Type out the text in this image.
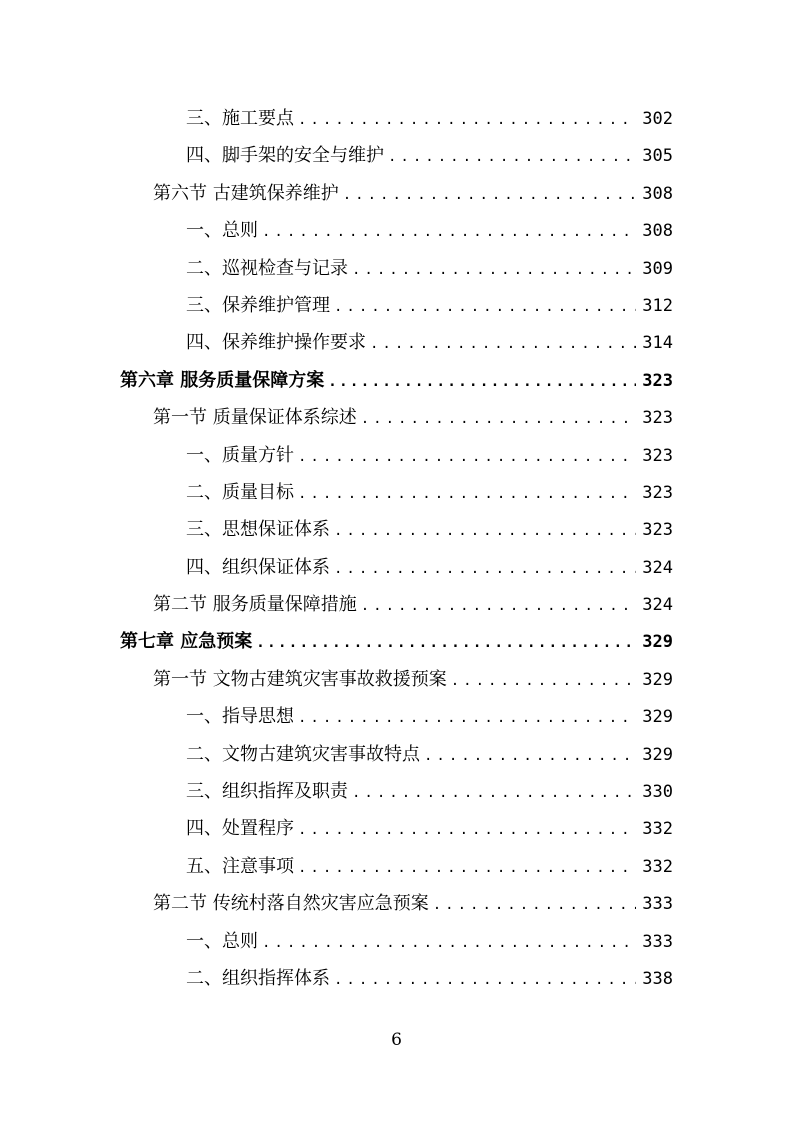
三、施工要点 .....	302
四、脚手架的安全与维护 .....	305
第六节 古建筑保养维护 .....	308
一、总则 .....	308
二、巡视检查与记录 .....	309
三、保养维护管理 .....	312
四、保养维护操作要求 .....	314
第六章 服务质量保障方案 .....	323
第一节 质量保证体系综述 .....	323
一、质量方针 .....	323
二、质量目标 .....	323
三、思想保证体系 .....	323
四、组织保证体系 .....	324
第二节 服务质量保障措施 .....	324
第七章 应急预案 .....	329
第一节 文物古建筑灾害事故救援预案 .....	329
一、指导思想 .....	329
二、文物古建筑灾害事故特点 .....	329
三、组织指挥及职责 .....	330
四、处置程序 .....	332
五、注意事项 .....	332
第二节 传统村落自然灾害应急预案 .....	333
一、总则 .....	333
二、组织指挥体系 .....	338
6
